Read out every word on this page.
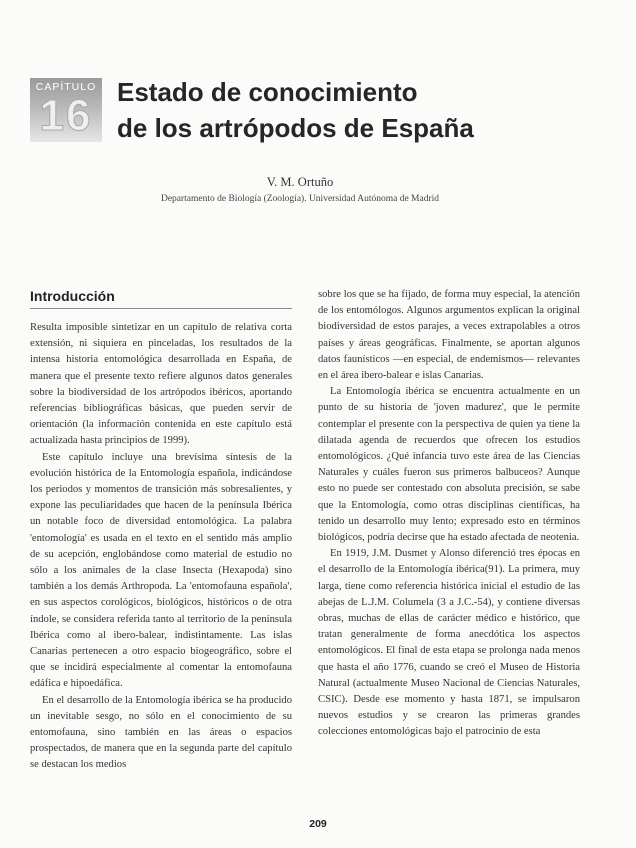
CAPÍTULO
16 Estado de conocimiento
de los artrópodos de España
V. M. Ortuño
Departamento de Biología (Zoología). Universidad Autónoma de Madrid
Introducción

Resulta imposible sintetizar en un capítulo de relativa corta extensión, ni siquiera en pinceladas, los resultados de la intensa historia entomológica desarrollada en España, de manera que el presente texto refiere algunos datos generales sobre la biodiversidad de los artrópodos ibéricos, aportando referencias bibliográficas básicas, que pueden servir de orientación (la información contenida en este capítulo está actualizada hasta principios de 1999).

Este capítulo incluye una brevísima síntesis de la evolución histórica de la Entomología española, indicándose los periodos y momentos de transición más sobresalientes, y expone las peculiaridades que hacen de la península Ibérica un notable foco de diversidad entomológica. La palabra 'entomología' es usada en el texto en el sentido más amplio de su acepción, englobándose como material de estudio no sólo a los animales de la clase Insecta (Hexapoda) sino también a los demás Arthropoda. La 'entomofauna española', en sus aspectos corológicos, biológicos, históricos o de otra índole, se considera referida tanto al territorio de la península Ibérica como al ibero-balear, indistintamente. Las islas Canarias pertenecen a otro espacio biogeográfico, sobre el que se incidirá especialmente al comentar la entomofauna edáfica e hipoedáfica.

En el desarrollo de la Entomología ibérica se ha producido un inevitable sesgo, no sólo en el conocimiento de su entomofauna, sino también en las áreas o espacios prospectados, de manera que en la segunda parte del capítulo se destacan los medios

sobre los que se ha fijado, de forma muy especial, la atención de los entomólogos. Algunos argumentos explican la original biodiversidad de estos parajes, a veces extrapolables a otros países y áreas geográficas. Finalmente, se aportan algunos datos faunísticos —en especial, de endemismos— relevantes en el área ibero-balear e islas Canarias.

La Entomología ibérica se encuentra actualmente en un punto de su historia de 'joven madurez', que le permite contemplar el presente con la perspectiva de quien ya tiene la dilatada agenda de recuerdos que ofrecen los estudios entomológicos. ¿Qué infancia tuvo este área de las Ciencias Naturales y cuáles fueron sus primeros balbuceos? Aunque esto no puede ser contestado con absoluta precisión, se sabe que la Entomología, como otras disciplinas científicas, ha tenido un desarrollo muy lento; expresado esto en términos biológicos, podría decirse que ha estado afectada de neotenia.

En 1919, J.M. Dusmet y Alonso diferenció tres épocas en el desarrollo de la Entomología ibérica(91). La primera, muy larga, tiene como referencia histórica inicial el estudio de las abejas de L.J.M. Columela (3 a J.C.-54), y contiene diversas obras, muchas de ellas de carácter médico e histórico, que tratan generalmente de forma anecdótica los aspectos entomológicos. El final de esta etapa se prolonga nada menos que hasta el año 1776, cuando se creó el Museo de Historia Natural (actualmente Museo Nacional de Ciencias Naturales, CSIC). Desde ese momento y hasta 1871, se impulsaron nuevos estudios y se crearon las primeras grandes colecciones entomológicas bajo el patrocinio de esta

209
